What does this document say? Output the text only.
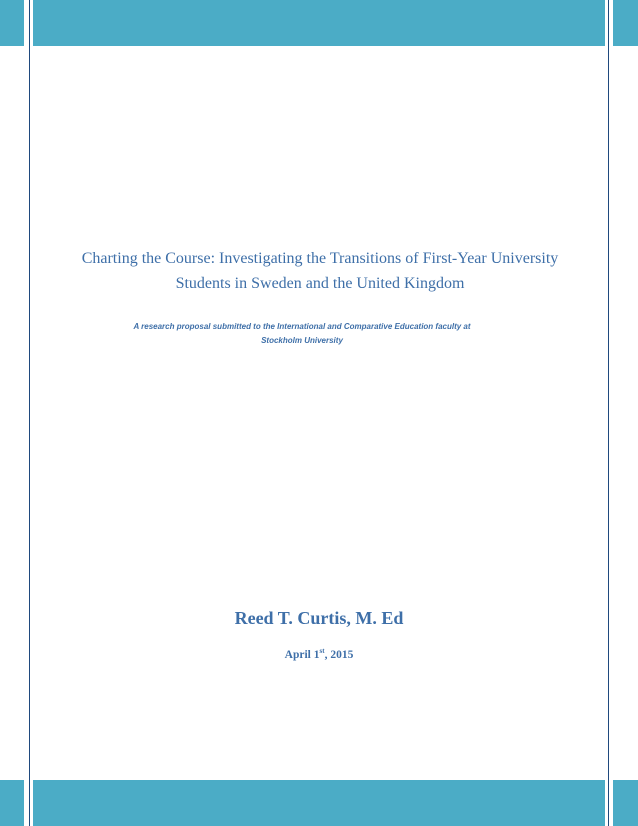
Charting the Course: Investigating the Transitions of First-Year University Students in Sweden and the United Kingdom

A research proposal submitted to the International and Comparative Education faculty at Stockholm University

Reed T. Curtis, M. Ed

April 1st, 2015
